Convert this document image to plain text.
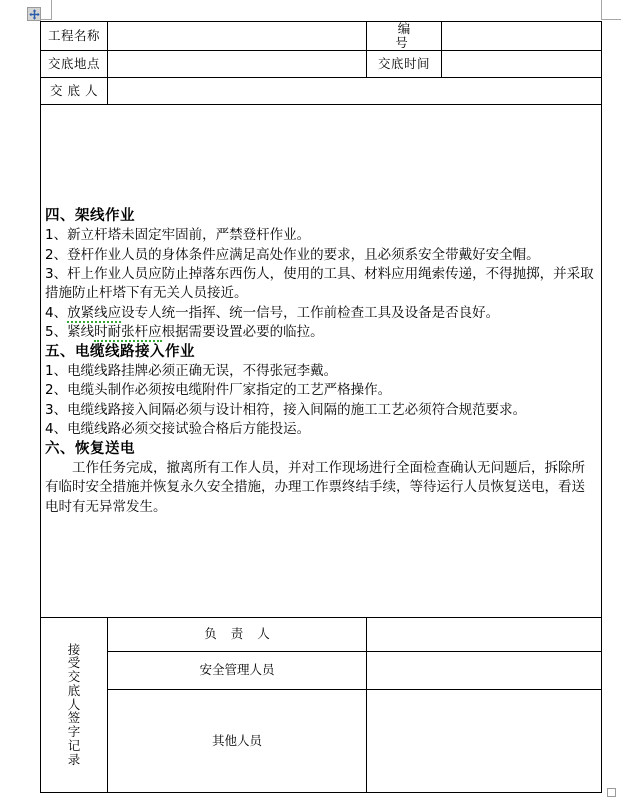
工程名称		编　　号	
交底地点		交底时间	
交 底 人			

四、架线作业

1、新立杆塔未固定牢固前，严禁登杆作业。

2、登杆作业人员的身体条件应满足高处作业的要求，且必须系安全带戴好安全帽。

3、杆上作业人员应防止掉落东西伤人，使用的工具、材料应用绳索传递，不得抛掷，并采取措施防止杆塔下有无关人员接近。

4、放紧线应设专人统一指挥、统一信号，工作前检查工具及设备是否良好。

5、紧线时耐张杆应根据需要设置必要的临拉。

五、电缆线路接入作业

1、电缆线路挂牌必须正确无误，不得张冠李戴。

2、电缆头制作必须按电缆附件厂家指定的工艺严格操作。

3、电缆线路接入间隔必须与设计相符，接入间隔的施工工艺必须符合规范要求。

4、电缆线路必须交接试验合格后方能投运。

六、恢复送电

工作任务完成，撤离所有工作人员，并对工作现场进行全面检查确认无问题后，拆除所有临时安全措施并恢复永久安全措施，办理工作票终结手续，等待运行人员恢复送电，看送电时有无异常发生。

接
受
交
底
人
签
字
记
录
	负 责 人	
	安全管理人员		
	其他人员		
